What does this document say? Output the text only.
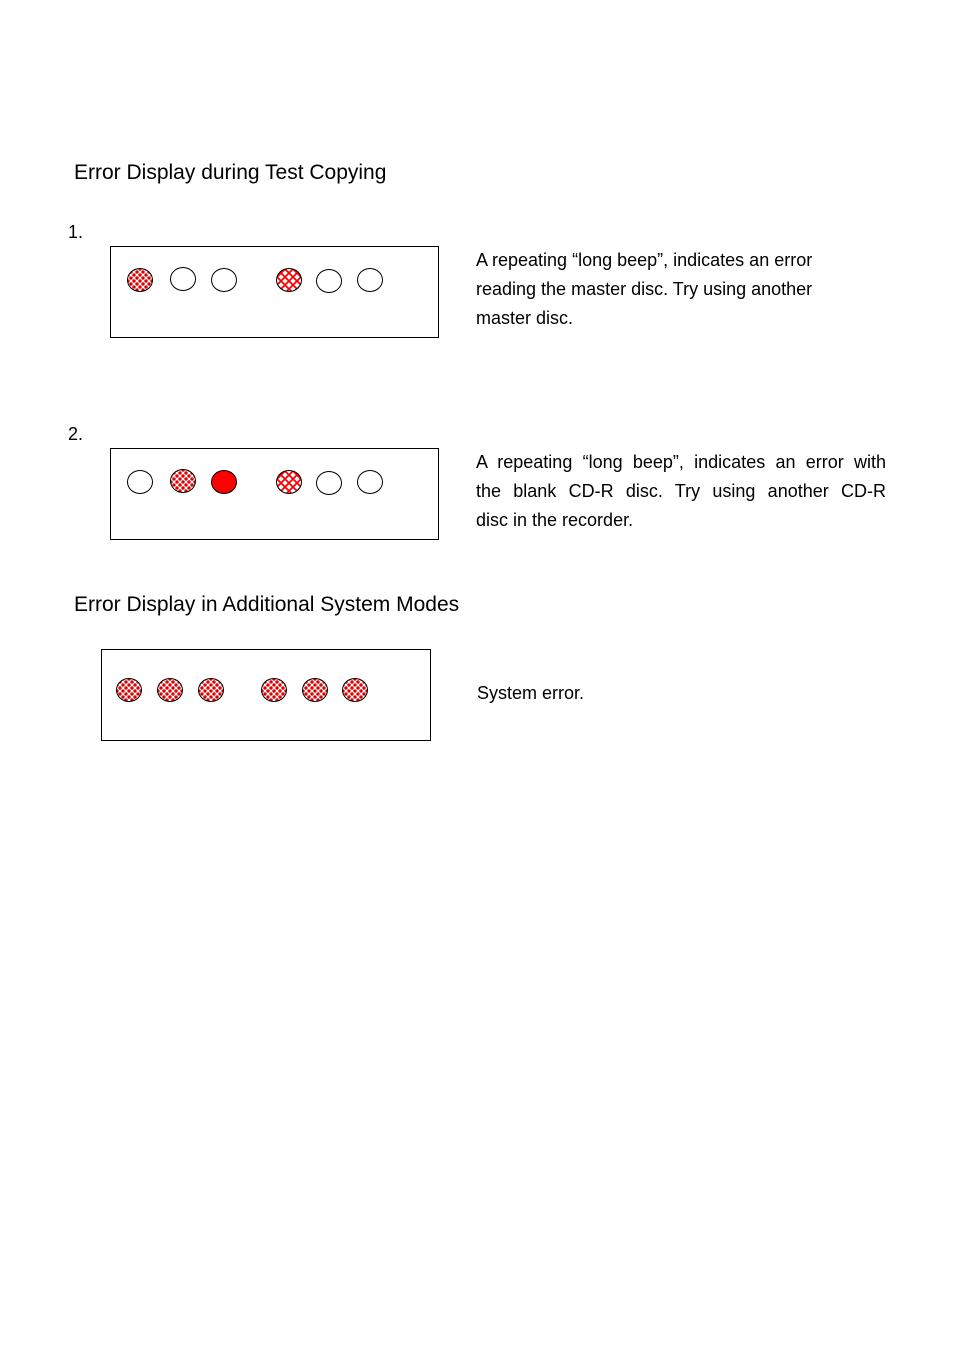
Error Display during Test Copying
1.
A repeating “long beep”, indicates an error
reading the master disc. Try using another
master disc.
2.
A repeating “long beep”, indicates an error with
the blank CD-R disc. Try using another CD-R
disc in the recorder.
Error Display in Additional System Modes
System error.
